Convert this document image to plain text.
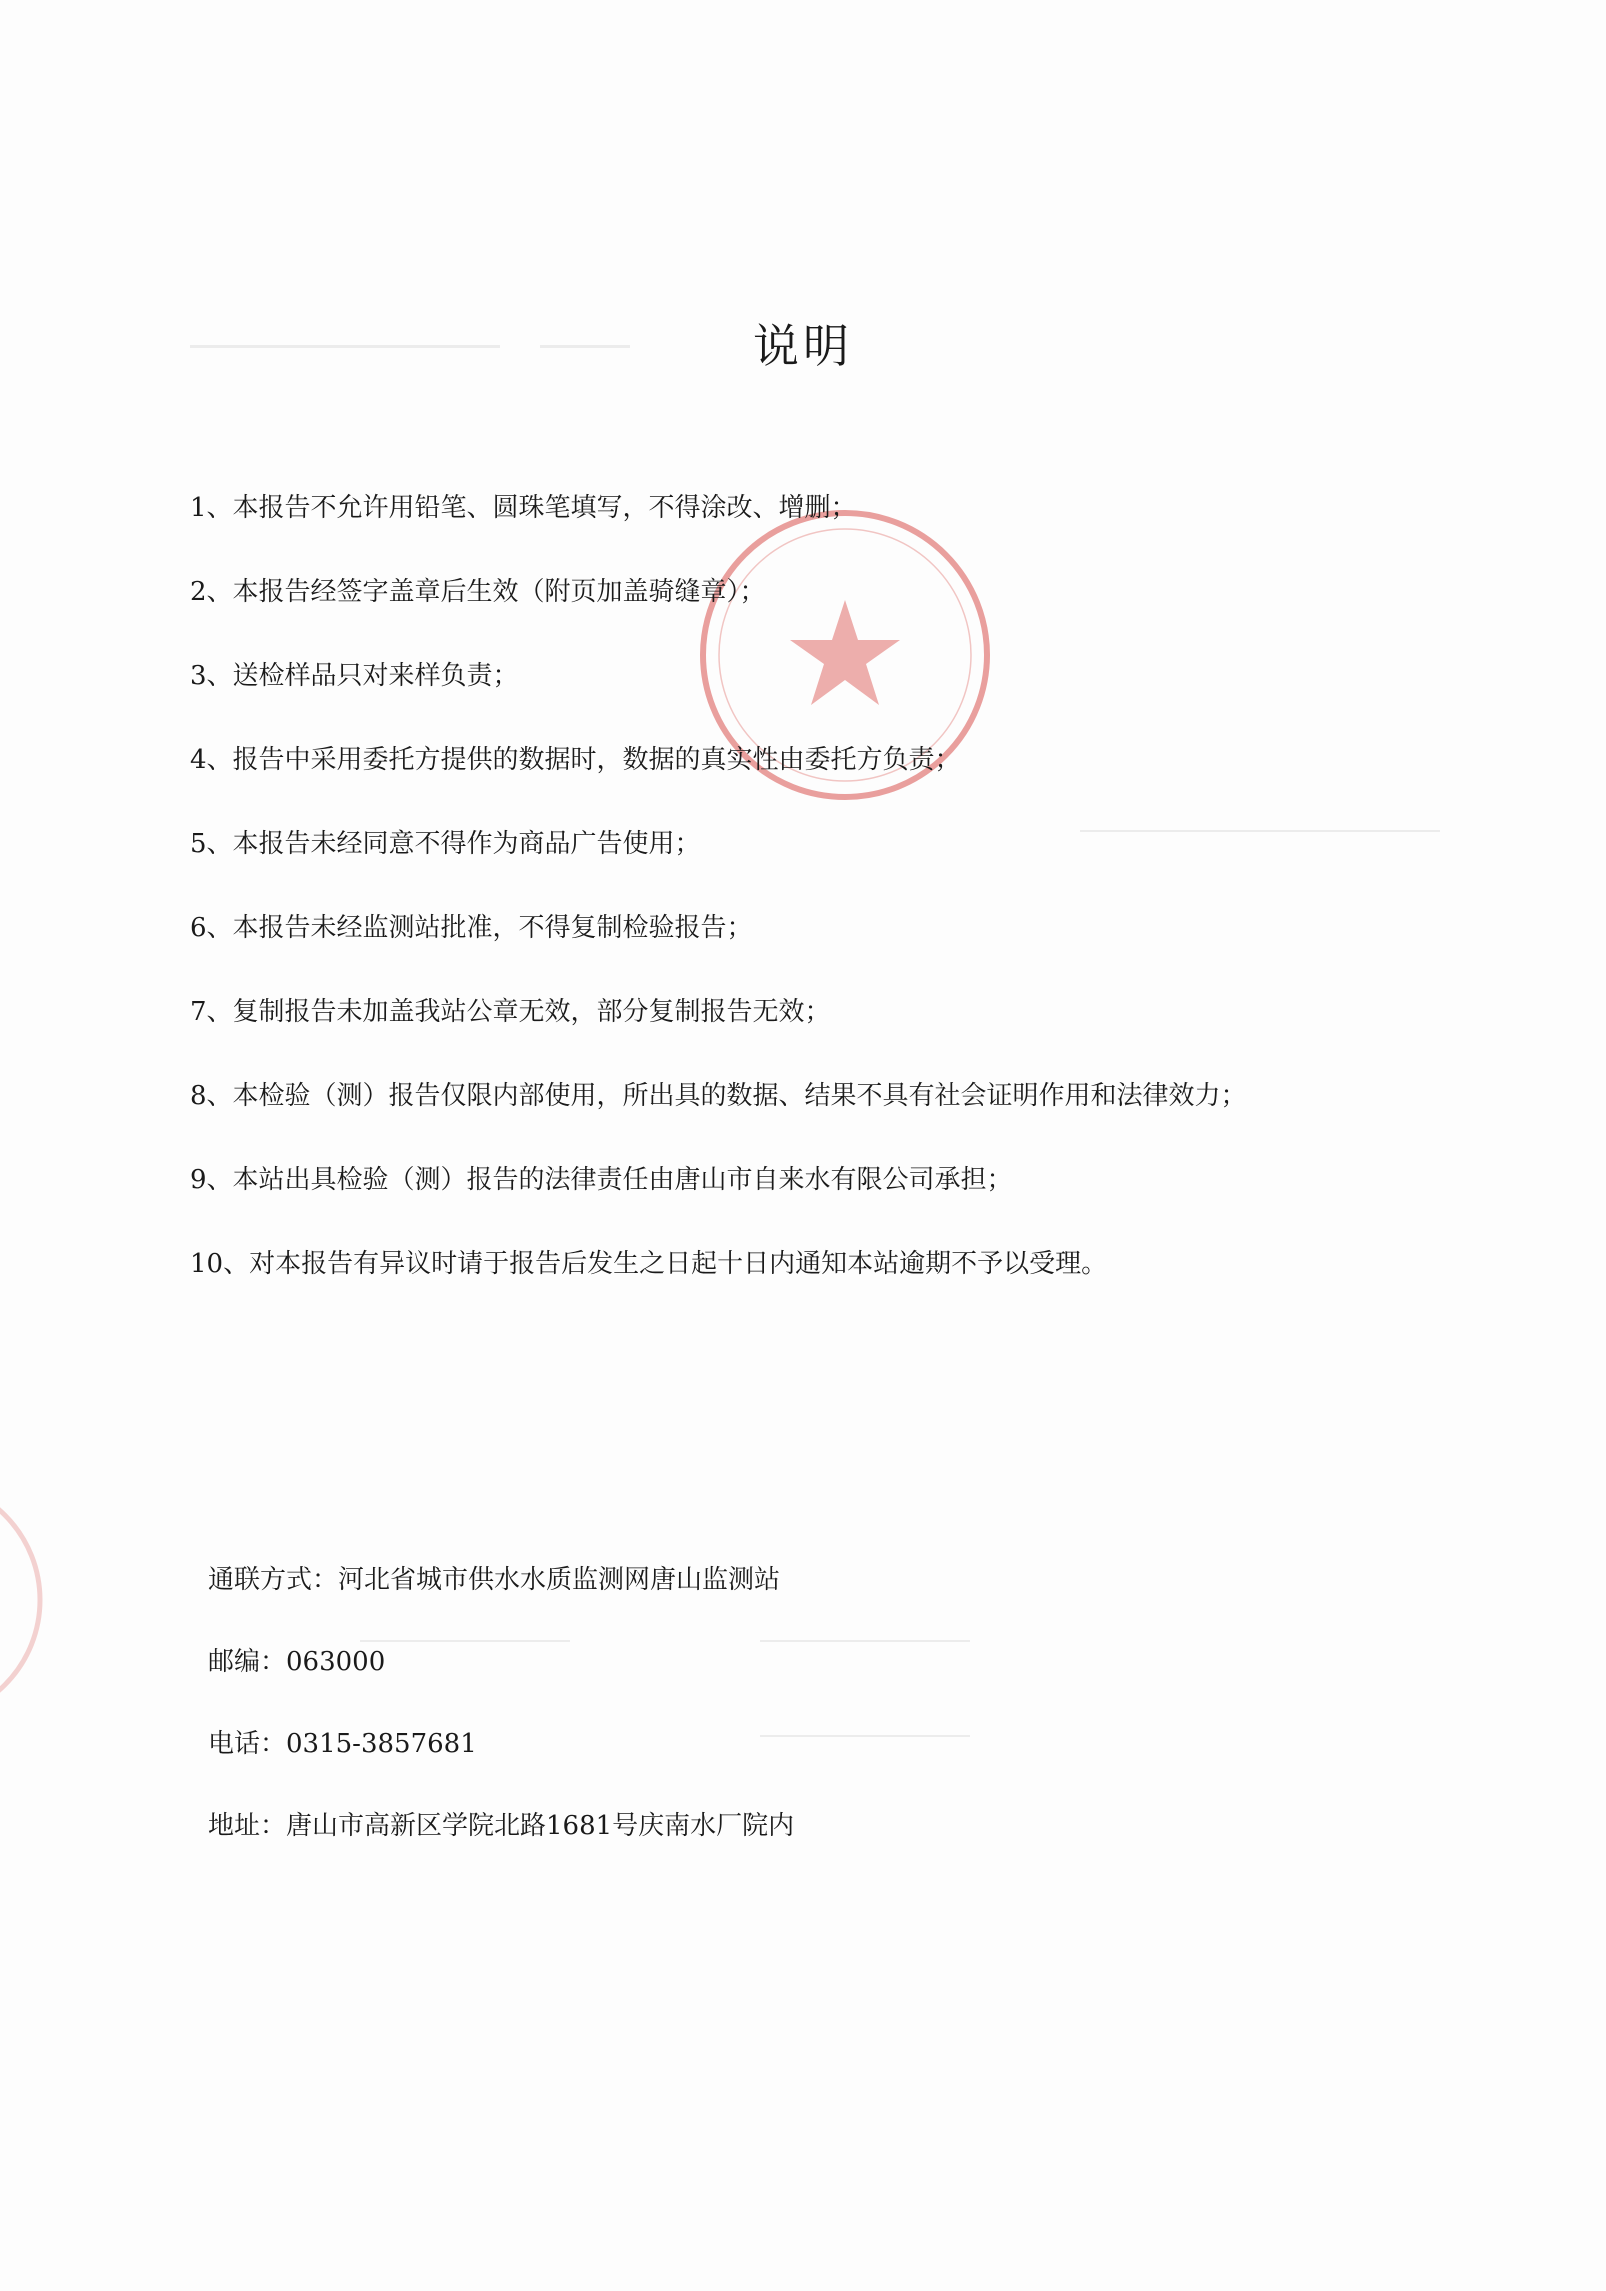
说明
1、本报告不允许用铅笔、圆珠笔填写，不得涂改、增删；
2、本报告经签字盖章后生效（附页加盖骑缝章）；
3、送检样品只对来样负责；
4、报告中采用委托方提供的数据时，数据的真实性由委托方负责；
5、本报告未经同意不得作为商品广告使用；
6、本报告未经监测站批准，不得复制检验报告；
7、复制报告未加盖我站公章无效，部分复制报告无效；
8、本检验（测）报告仅限内部使用，所出具的数据、结果不具有社会证明作用和法律效力；
9、本站出具检验（测）报告的法律责任由唐山市自来水有限公司承担；
10、对本报告有异议时请于报告后发生之日起十日内通知本站逾期不予以受理。
通联方式：河北省城市供水水质监测网唐山监测站
邮编：063000
电话：0315-3857681
地址：唐山市高新区学院北路1681号庆南水厂院内
